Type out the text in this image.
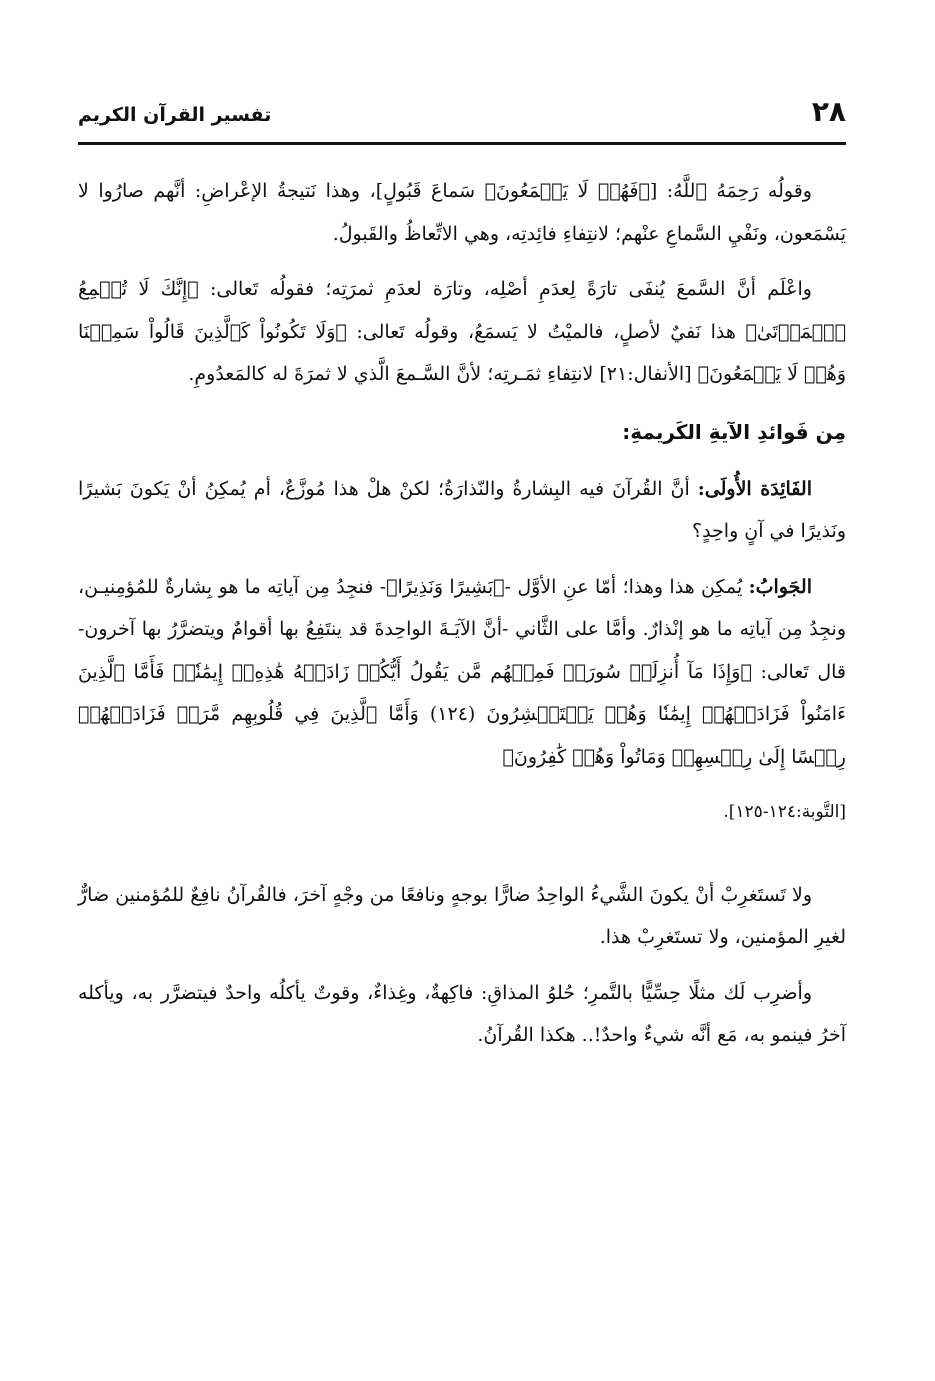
٢٨
تفسير القرآن الكريم

وقولُه رَحِمَهُ ٱللَّهُ: [﴿فَهُمۡ لَا يَسۡمَعُونَ﴾ سَماعَ قَبُولٍ]، وهذا نَتيجةُ الإعْراضِ: أنَّهم صارُوا لا يَسْمَعون، ونَفْيِ السَّماعِ عنْهم؛ لانتِفاءِ فائِدتِه، وهي الاتِّعاظُ والقَبولُ.

واعْلَم أنَّ السَّمعَ يُنفَى تارَةً لِعدَمِ أصْلِه، وتارَة لعدَمِ ثمرَتِه؛ فقولُه تَعالى: ﴿إِنَّكَ لَا تُسۡمِعُ ٱلۡمَوۡتَىٰ﴾ هذا نَفيٌ لأصلٍ، فالميْتُ لا يَسمَعُ، وقولُه تَعالى: ﴿وَلَا تَكُونُواْ كَٱلَّذِينَ قَالُواْ سَمِعۡنَا وَهُمۡ لَا يَسۡمَعُونَ﴾ [الأنفال:٢١] لانتِفاءِ ثمَـرتِه؛ لأنَّ السَّـمعَ الَّذي لا ثمرَةَ له كالمَعدُومِ.

مِن فَوائدِ الآيةِ الكَريمةِ:

الفَائِدَة الأُولَى: أنَّ القُرآنَ فيه البِشارةُ والنّذارَةُ؛ لكنْ هلْ هذا مُوزَّعٌ، أم يُمكِنُ أنْ يَكونَ بَشيرًا ونَذيرًا في آنٍ واحِدٍ؟

الجَوابُ: يُمكِن هذا وهذا؛ أمّا عنِ الأوَّل -﴿بَشِيرًا وَنَذِيرًا﴾- فنجِدُ مِن آياتِه ما هو بِشارةٌ للمُؤمِنيـن، ونجِدُ مِن آياتِه ما هو إنْذارٌ. وأمَّا على الثَّاني -أنَّ الآيَـةَ الواحِدةَ قد ينتَفِعُ بها أقوامٌ ويتضرَّرُ بها آخرون- قال تَعالى: ﴿وَإِذَا مَآ أُنزِلَتۡ سُورَةٞ فَمِنۡهُم مَّن يَقُولُ أَيُّكُمۡ زَادَتۡهُ هَٰذِهِۦٓ إِيمَٰنٗاۚ فَأَمَّا ٱلَّذِينَ ءَامَنُواْ فَزَادَتۡهُمۡ إِيمَٰنٗا وَهُمۡ يَسۡتَبۡشِرُونَ (١٢٤) وَأَمَّا ٱلَّذِينَ فِي قُلُوبِهِم مَّرَضٞ فَزَادَتۡهُمۡ رِجۡسًا إِلَىٰ رِجۡسِهِمۡ وَمَاتُواْ وَهُمۡ كَٰفِرُونَ﴾

[التَّوبة:١٢٤-١٢٥].

ولا تَستَغرِبْ أنْ يكونَ الشَّيءُ الواحِدُ ضارًّا بوجهٍ ونافعًا من وجْهٍ آخرَ، فالقُرآنُ نافِعٌ للمُؤمنين ضارٌّ لغيرِ المؤمنين، ولا تستَغرِبْ هذا.

وأضرِب لَك مثلًا حِسِّيًّا بالتَّمرِ؛ حُلوُ المذاقِ: فاكِهةٌ، وغِذاءٌ، وقوتٌ يأكلُه واحدٌ فيتضرَّر به، ويأكله آخرُ فينمو به، مَع أنَّه شيءٌ واحدٌ!.. هكذا القُرآنُ.
